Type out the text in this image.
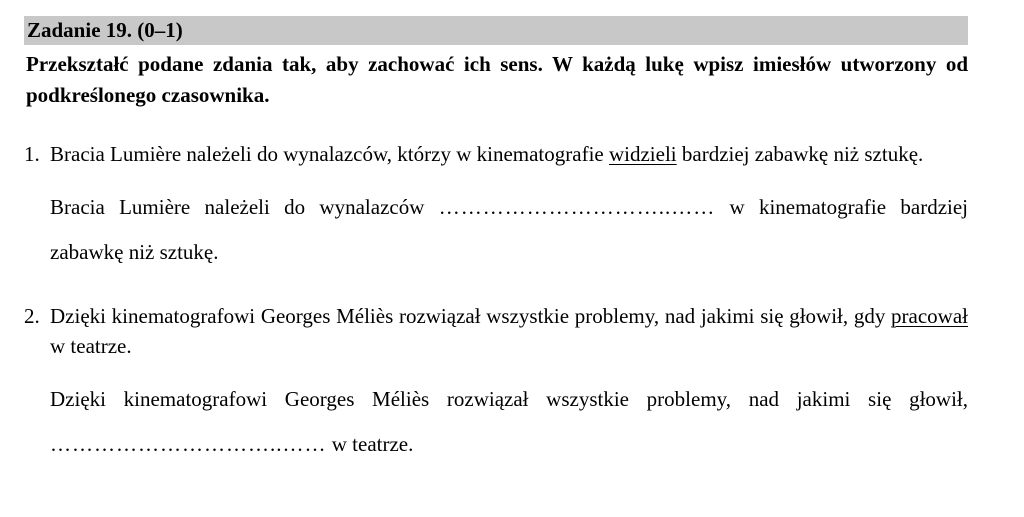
Zadanie 19. (0–1)
Przekształć podane zdania tak, aby zachować ich sens. W każdą lukę wpisz imiesłów utworzony od podkreślonego czasownika.
1. Bracia Lumière należeli do wynalazców, którzy w kinematografie widzieli bardziej zabawkę niż sztukę.
Bracia Lumière należeli do wynalazców …………………………..…… w kinematografie bardziej zabawkę niż sztukę.
2. Dzięki kinematografowi Georges Méliès rozwiązał wszystkie problemy, nad jakimi się głowił, gdy pracował w teatrze.
Dzięki kinematografowi Georges Méliès rozwiązał wszystkie problemy, nad jakimi się głowił, …………………………..…… w teatrze.
